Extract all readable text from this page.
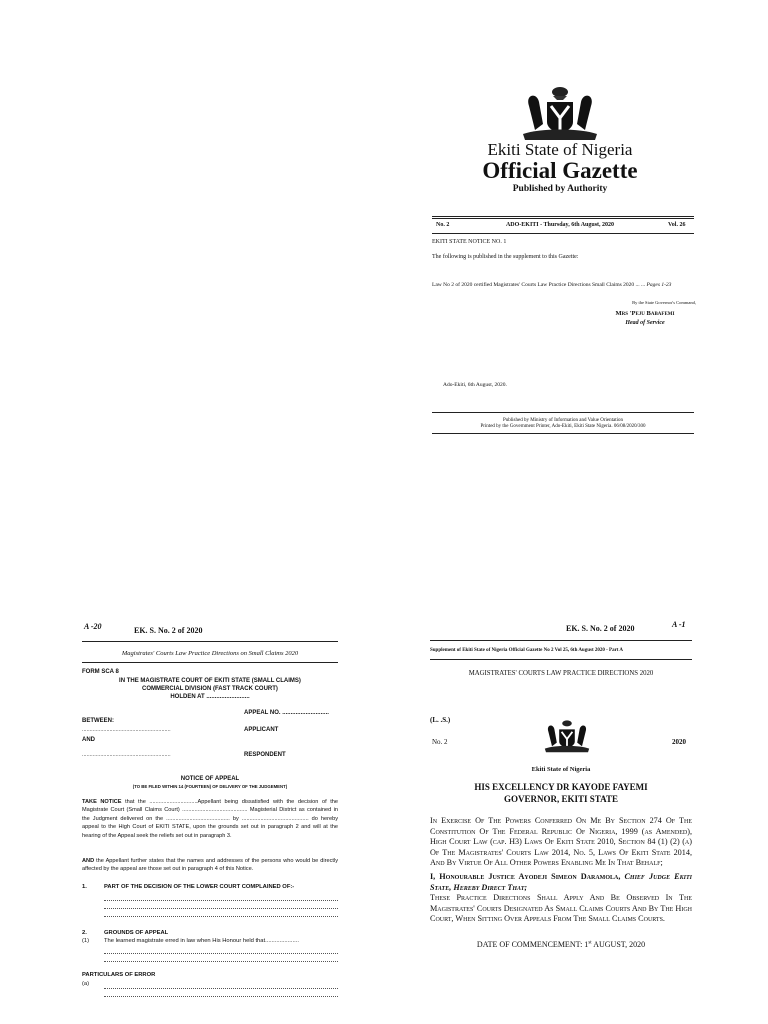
Ekiti State of Nigeria
Official Gazette
Published by Authority
No. 2	ADO-EKITI - Thursday, 6th August, 2020	Vol. 26
EKITI STATE NOTICE NO. 1
The following is published in the supplement to this Gazette:
Law No 2 of 2020 certified Magistrates' Courts Law Practice Directions Small Claims 2020 ... ... Pages 1-23
By the State Governor's Command,
Mrs 'Peju Babafemi
Head of Service
Ado-Ekiti, 6th August, 2020.
Published by Ministry of Information and Value Orientation
Printed by the Government Printer, Ado-Ekiti, Ekiti State Nigeria. 06/08/2020/300
A -20	EK. S. No. 2 of 2020
Magistrates' Courts Law Practice Directions on Small Claims 2020
FORM SCA 8
IN THE MAGISTRATE COURT OF EKITI STATE (SMALL CLAIMS)
COMMERCIAL DIVISION (FAST TRACK COURT)
HOLDEN AT ..........................
APPEAL NO. ............................
BETWEEN:
..........................................................	APPLICANT
AND
..........................................................	RESPONDENT
NOTICE OF APPEAL
(TO BE FILED WITHIN 14 (FOURTEEN) OF DELIVERY OF THE JUDGEMENT)
TAKE NOTICE that the ...............................Appellant being dissatisfied with the decision of the Magistrate Court (Small Claims Court) .......................................... Magisterial District as contained in the Judgment delivered on the ......................................... by ........................................... do hereby appeal to the High Court of EKITI STATE, upon the grounds set out in paragraph 2 and will at the hearing of the Appeal seek the reliefs set out in paragraph 3.
AND the Appellant further states that the names and addresses of the persons who would be directly affected by the appeal are those set out in paragraph 4 of this Notice.
1.	PART OF THE DECISION OF THE LOWER COURT COMPLAINED OF:-
2.	GROUNDS OF APPEAL
(1)	The learned magistrate erred in law when His Honour held that.....................
PARTICULARS OF ERROR
(a)
EK. S. No. 2 of 2020	A -1
Supplement of Ekiti State of Nigeria Official Gazette No 2 Vol 25, 6th August 2020 - Part A
MAGISTRATES' COURTS LAW PRACTICE DIRECTIONS 2020
(L. .S.)
No. 2	2020
Ekiti State of Nigeria
HIS EXCELLENCY DR KAYODE FAYEMI
GOVERNOR, EKITI STATE
In Exercise Of The Powers Conferred On Me By Section 274 Of The Constitution Of The Federal Republic Of Nigeria, 1999 (as Amended), High Court Law (cap. H3) Laws Of Ekiti State 2010, Section 84 (1) (2) (a) Of The Magistrates' Courts Law 2014, No. 5, Laws Of Ekiti State 2014, And By Virtue Of All Other Powers Enabling Me In That Behalf;
I, Honourable Justice Ayodeji Simeon Daramola, Chief Judge Ekiti State, Hereby Direct That;
These Practice Directions Shall Apply And Be Observed In The Magistrates' Courts Designated As Small Claims Courts And By The High Court, When Sitting Over Appeals From The Small Claims Courts.
DATE OF COMMENCEMENT: 1st AUGUST, 2020
